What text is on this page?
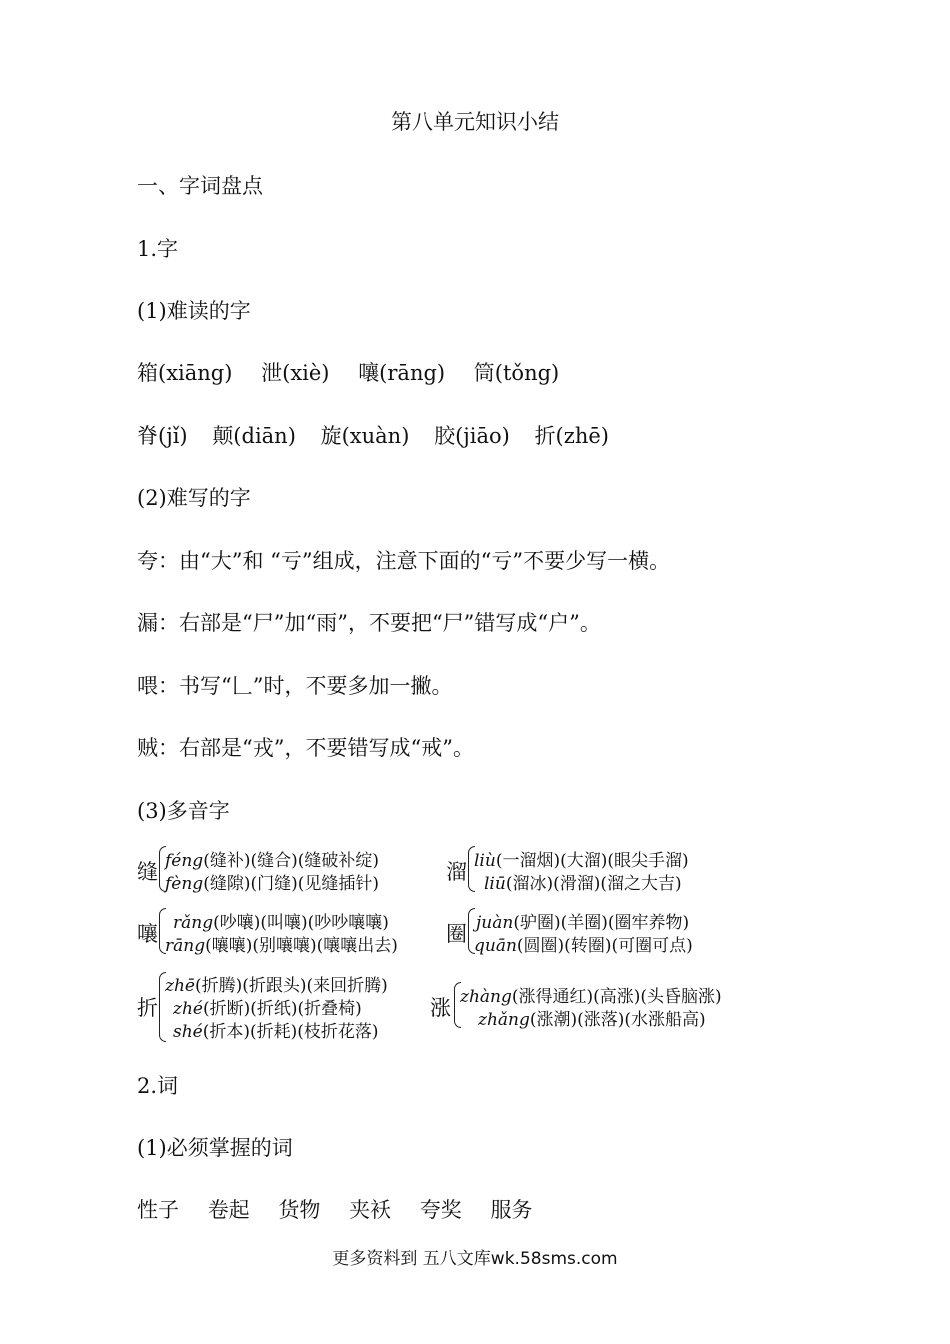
第八单元知识小结
一、字词盘点
1.字
(1)难读的字
箱(xiāng) 泄(xiè) 嚷(rāng) 筒(tǒng)
脊(jǐ) 颠(diān) 旋(xuàn) 胶(jiāo) 折(zhē)
(2)难写的字
夸：由“大”和 “亏”组成，注意下面的“亏”不要少写一横。
漏：右部是“尸”加“雨”，不要把“尸”错写成“户”。
喂：书写“𠃊”时，不要多加一撇。
贼：右部是“戎”，不要错写成“戒”。
(3)多音字
缝 féng(缝补)(缝合)(缝破补绽)
fèng(缝隙)(门缝)(见缝插针)	溜 liù(一溜烟)(大溜)(眼尖手溜)
liū(溜冰)(滑溜)(溜之大吉)
嚷 rǎng(吵嚷)(叫嚷)(吵吵嚷嚷)
rāng(嚷嚷)(别嚷嚷)(嚷嚷出去) 圈 juàn(驴圈)(羊圈)(圈牢养物)
quān(圆圈)(转圈)(可圈可点)
折
zhē(折腾)(折跟头)(来回折腾)
zhé(折断)(折纸)(折叠椅)
shé(折本)(折耗)(枝折花落)
涨 zhàng(涨得通红)(高涨)(头昏脑涨)
zhǎng(涨潮)(涨落)(水涨船高)
2.词
(1)必须掌握的词
性子 卷起 货物 夹袄 夸奖 服务
更多资料到 五八文库wk.58sms.com
